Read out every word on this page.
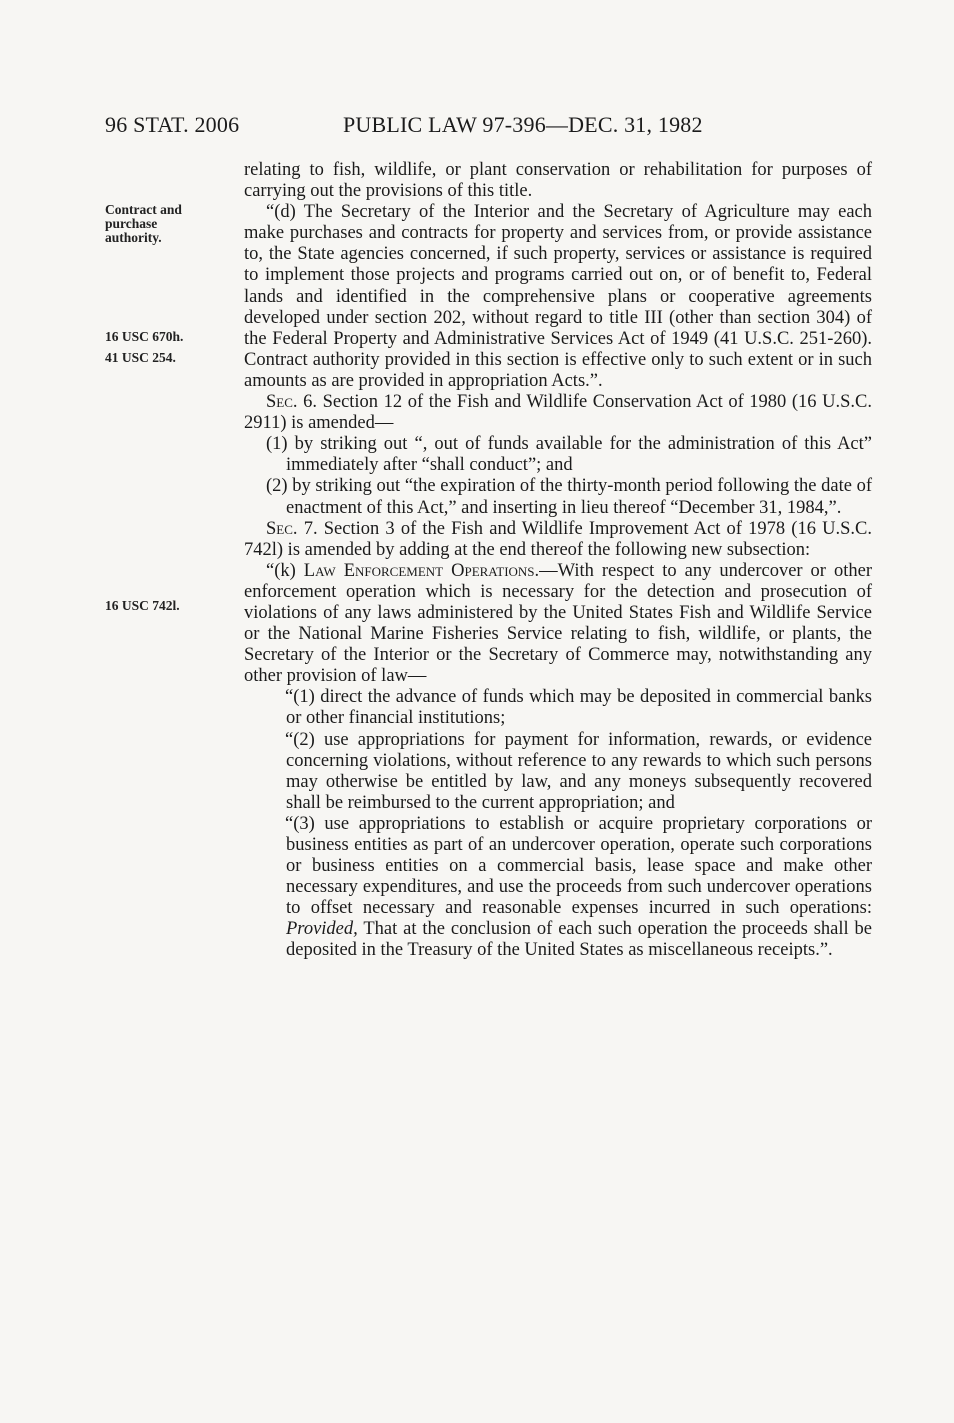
96 STAT. 2006	PUBLIC LAW 97-396—DEC. 31, 1982
Contract and purchase authority.
16 USC 670h.
41 USC 254.
16 USC 742l.

relating to fish, wildlife, or plant conservation or rehabilitation for purposes of carrying out the provisions of this title.

“(d) The Secretary of the Interior and the Secretary of Agriculture may each make purchases and contracts for property and services from, or provide assistance to, the State agencies concerned, if such property, services or assistance is required to implement those projects and programs carried out on, or of benefit to, Federal lands and identified in the comprehensive plans or cooperative agreements developed under section 202, without regard to title III (other than section 304) of the Federal Property and Administrative Services Act of 1949 (41 U.S.C. 251-260). Contract authority provided in this section is effective only to such extent or in such amounts as are provided in appropriation Acts.”.

Sec. 6. Section 12 of the Fish and Wildlife Conservation Act of 1980 (16 U.S.C. 2911) is amended—

(1) by striking out “, out of funds available for the administration of this Act” immediately after “shall conduct”; and

(2) by striking out “the expiration of the thirty-month period following the date of enactment of this Act,” and inserting in lieu thereof “December 31, 1984,”.

Sec. 7. Section 3 of the Fish and Wildlife Improvement Act of 1978 (16 U.S.C. 742l) is amended by adding at the end thereof the following new subsection:

“(k) Law Enforcement Operations.—With respect to any undercover or other enforcement operation which is necessary for the detection and prosecution of violations of any laws administered by the United States Fish and Wildlife Service or the National Marine Fisheries Service relating to fish, wildlife, or plants, the Secretary of the Interior or the Secretary of Commerce may, notwithstanding any other provision of law—

“(1) direct the advance of funds which may be deposited in commercial banks or other financial institutions;

“(2) use appropriations for payment for information, rewards, or evidence concerning violations, without reference to any rewards to which such persons may otherwise be entitled by law, and any moneys subsequently recovered shall be reimbursed to the current appropriation; and

“(3) use appropriations to establish or acquire proprietary corporations or business entities as part of an undercover operation, operate such corporations or business entities on a commercial basis, lease space and make other necessary expenditures, and use the proceeds from such undercover operations to offset necessary and reasonable expenses incurred in such operations: Provided, That at the conclusion of each such operation the proceeds shall be deposited in the Treasury of the United States as miscellaneous receipts.”.
